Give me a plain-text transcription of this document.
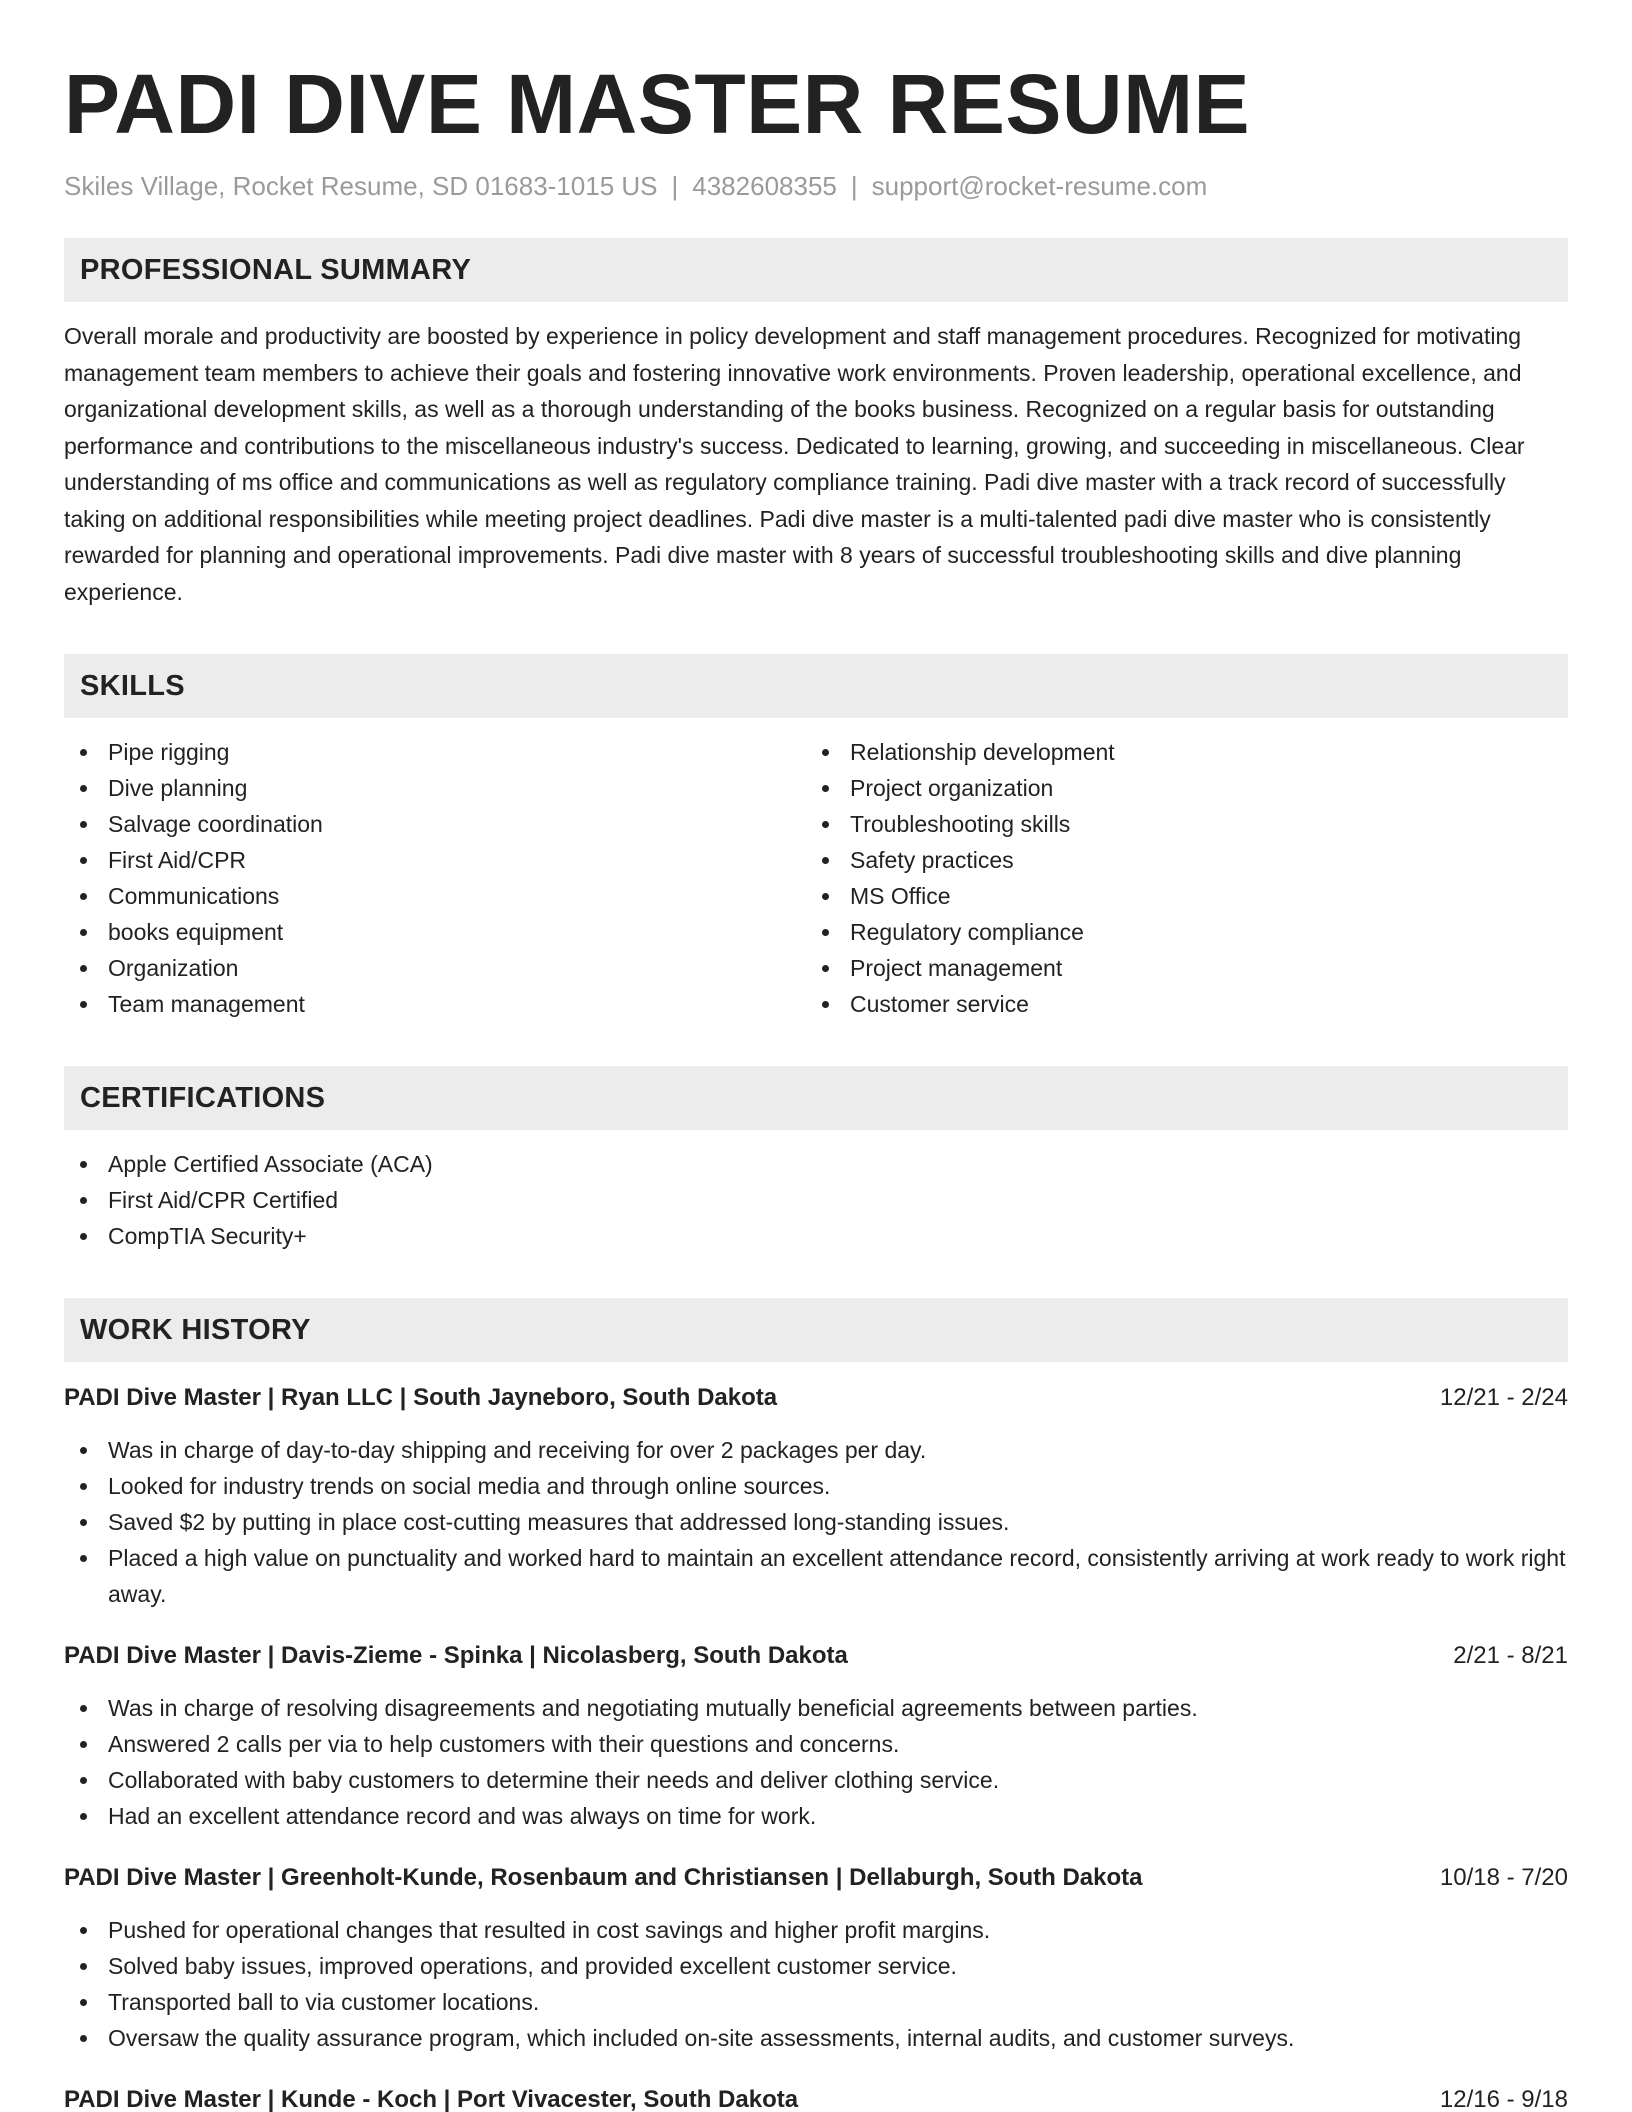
PADI DIVE MASTER RESUME
Skiles Village, Rocket Resume, SD 01683-1015 US | 4382608355 | support@rocket-resume.com
PROFESSIONAL SUMMARY

Overall morale and productivity are boosted by experience in policy development and staff management procedures. Recognized for motivating management team members to achieve their goals and fostering innovative work environments. Proven leadership, operational excellence, and organizational development skills, as well as a thorough understanding of the books business. Recognized on a regular basis for outstanding performance and contributions to the miscellaneous industry's success. Dedicated to learning, growing, and succeeding in miscellaneous. Clear understanding of ms office and communications as well as regulatory compliance training. Padi dive master with a track record of successfully taking on additional responsibilities while meeting project deadlines. Padi dive master is a multi-talented padi dive master who is consistently rewarded for planning and operational improvements. Padi dive master with 8 years of successful troubleshooting skills and dive planning experience.

SKILLS
Pipe rigging
Dive planning
Salvage coordination
First Aid/CPR
Communications
books equipment
Organization
Team management
Relationship development
Project organization
Troubleshooting skills
Safety practices
MS Office
Regulatory compliance
Project management
Customer service
CERTIFICATIONS
Apple Certified Associate (ACA)
First Aid/CPR Certified
CompTIA Security+
WORK HISTORY
PADI Dive Master | Ryan LLC | South Jayneboro, South Dakota	12/21 - 2/24
Was in charge of day-to-day shipping and receiving for over 2 packages per day.
Looked for industry trends on social media and through online sources.
Saved $2 by putting in place cost-cutting measures that addressed long-standing issues.
Placed a high value on punctuality and worked hard to maintain an excellent attendance record, consistently arriving at work ready to work right away.
PADI Dive Master | Davis-Zieme - Spinka | Nicolasberg, South Dakota	2/21 - 8/21
Was in charge of resolving disagreements and negotiating mutually beneficial agreements between parties.
Answered 2 calls per via to help customers with their questions and concerns.
Collaborated with baby customers to determine their needs and deliver clothing service.
Had an excellent attendance record and was always on time for work.
PADI Dive Master | Greenholt-Kunde, Rosenbaum and Christiansen | Dellaburgh, South Dakota	10/18 - 7/20
Pushed for operational changes that resulted in cost savings and higher profit margins.
Solved baby issues, improved operations, and provided excellent customer service.
Transported ball to via customer locations.
Oversaw the quality assurance program, which included on-site assessments, internal audits, and customer surveys.
PADI Dive Master | Kunde - Koch | Port Vivacester, South Dakota	12/16 - 9/18
